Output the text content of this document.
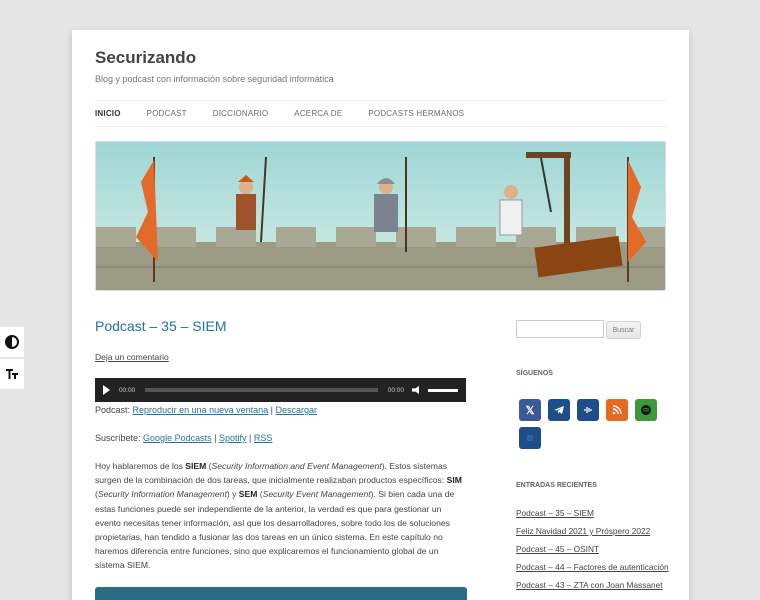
Securizando
Blog y podcast con información sobre seguridad informática
INICIO	PODCAST	DICCIONARIO	ACERCA DE	PODCASTS HERMANOS
Podcast – 35 – SIEM
Deja un comentario
00:00	00:00
Podcast: Reproducir en una nueva ventana | Descargar
Suscríbete: Google Podcasts | Spotify | RSS
Hoy hablaremos de los SIEM (Security Information and Event Management). Estos sistemas surgen de la combinación de dos tareas, que inicialmente realizaban productos específicos: SIM (Security Information Management) y SEM (Security Event Management). Si bien cada una de estas funciones puede ser independiente de la anterior, la verdad es que para gestionar un evento necesitas tener información, así que los desarrolladores, sobre todo los de soluciones propietarias, han tendido a fusionar las dos tareas en un único sistema. En este capítulo no haremos diferencia entre funciones, sino que explicaremos el funcionamiento global de un sistema SIEM.
Buscar
SÍGUENOS
𝕏
ENTRADAS RECIENTES
Podcast – 35 – SIEM
Feliz Navidad 2021 y Próspero 2022
Podcast – 45 – OSINT
Podcast – 44 – Factores de autenticación
Podcast – 43 – ZTA con Joan Massanet
